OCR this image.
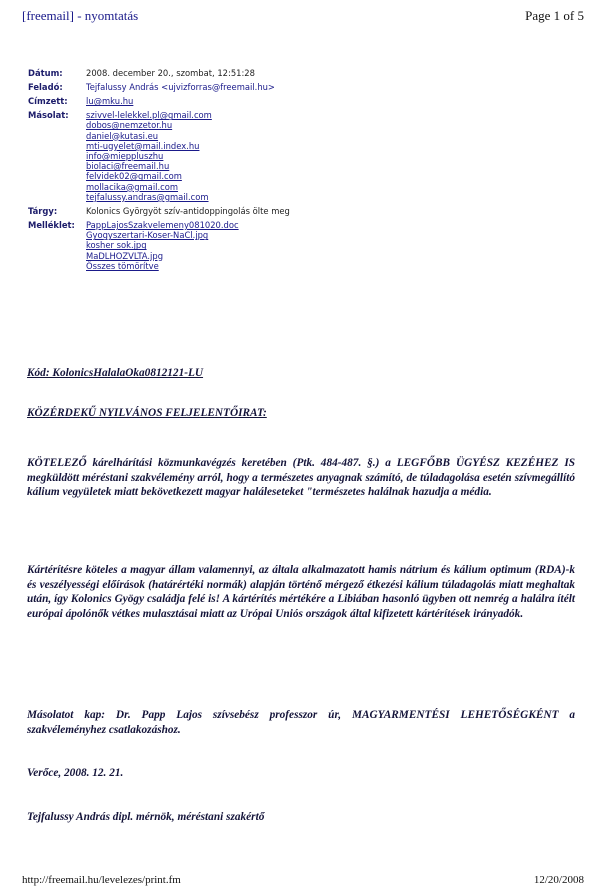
[freemail] - nyomtatás	Page 1 of 5
Dátum:	2008. december 20., szombat, 12:51:28
Feladó:	Tejfalussy András <ujvizforras@freemail.hu>
Címzett:	lu@mku.hu
Másolat:	szivvel-lelekkel.pl@gmail.com
dobos@nemzetor.hu
daniel@kutasi.eu
mti-ugyelet@mail.index.hu
info@mieppluszhu
biolaci@freemail.hu
felvidek02@gmail.com
mollacika@gmail.com
tejfalussy.andras@gmail.com
Tárgy:	Kolonics Györgyöt szív-antidoppingolás ölte meg
Melléklet:	PappLajosSzakvelemeny081020.doc
Gyogyszertari-Koser-NaCl.jpg
kosher sok.jpg
MaDLHOZVLTA.jpg
Összes tömörítve
Kód: KolonicsHalalaOka0812121-LU
KÖZÉRDEKŰ NYILVÁNOS FELJELENTŐIRAT:
KÖTELEZŐ kárelhárítási közmunkavégzés keretében (Ptk. 484-487. §.) a LEGFŐBB ÜGYÉSZ KEZÉHEZ IS megküldött méréstani szakvélemény arról, hogy a természetes anyagnak számító, de túladagolása esetén szívmegállító kálium vegyületek miatt bekövetkezett magyar haláleseteket "természetes halálnak hazudja a média.
Kártérítésre köteles a magyar állam valamennyi, az általa alkalmazatott hamis nátrium és kálium optimum (RDA)-k és veszélyességi előírások (határértéki normák) alapján történő mérgező étkezési kálium túladagolás miatt meghaltak után, így Kolonics Gyögy családja felé is! A kártérítés mértékére a Libiában hasonló ügyben ott nemrég a halálra ítélt európai ápolónők vétkes mulasztásai miatt az Urópai Uniós országok által kifizetett kártérítések irányadók.
Másolatot kap: Dr. Papp Lajos szívsebész professzor úr, MAGYARMENTÉSI LEHETŐSÉGKÉNT a szakvéleményhez csatlakozáshoz.
Verőce, 2008. 12. 21.
Tejfalussy András dipl. mérnök, méréstani szakértő
http://freemail.hu/levelezes/print.fm	12/20/2008
